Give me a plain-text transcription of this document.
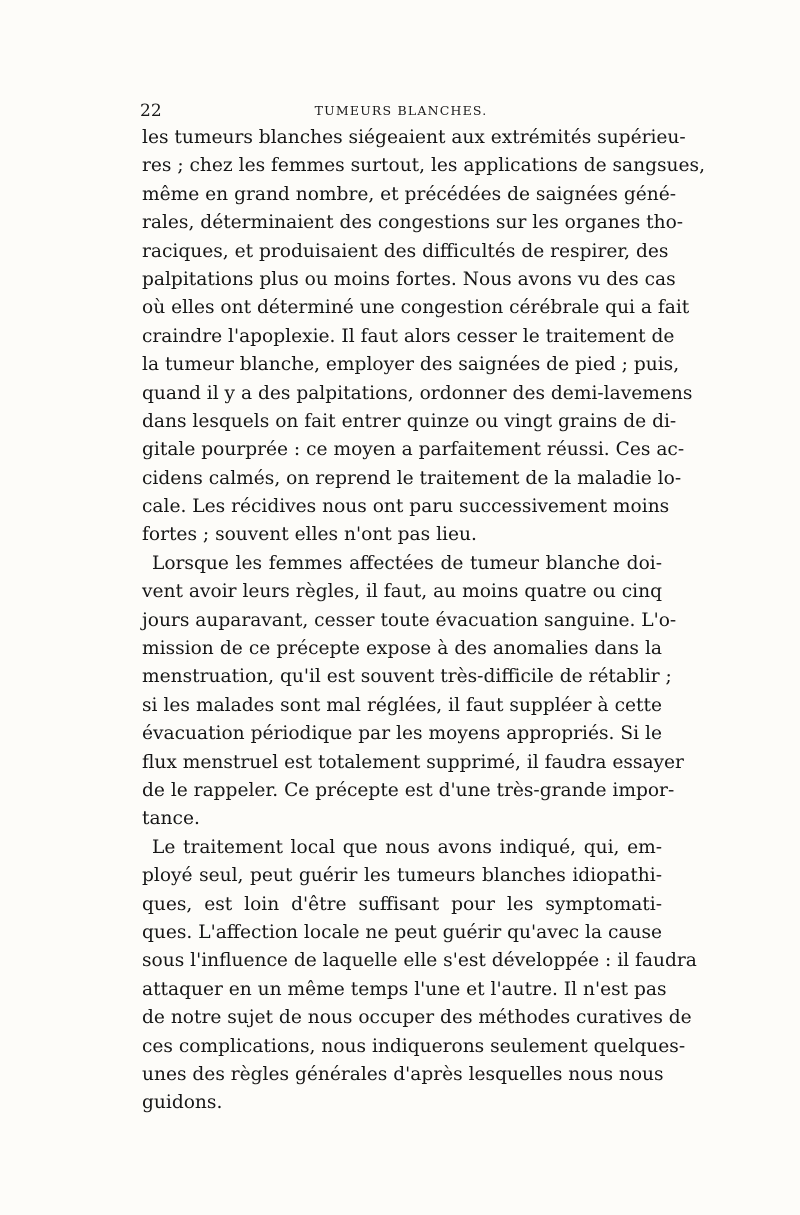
22	TUMEURS BLANCHES.
les tumeurs blanches siégeaient aux extrémités supérieu-
res ; chez les femmes surtout, les applications de sangsues,
même en grand nombre, et précédées de saignées géné-
rales, déterminaient des congestions sur les organes tho-
raciques, et produisaient des difficultés de respirer, des
palpitations plus ou moins fortes. Nous avons vu des cas
où elles ont déterminé une congestion cérébrale qui a fait
craindre l'apoplexie. Il faut alors cesser le traitement de
la tumeur blanche, employer des saignées de pied ; puis,
quand il y a des palpitations, ordonner des demi-lavemens
dans lesquels on fait entrer quinze ou vingt grains de di-
gitale pourprée : ce moyen a parfaitement réussi. Ces ac-
cidens calmés, on reprend le traitement de la maladie lo-
cale. Les récidives nous ont paru successivement moins
fortes ; souvent elles n'ont pas lieu.
Lorsque les femmes affectées de tumeur blanche doi-
vent avoir leurs règles, il faut, au moins quatre ou cinq
jours auparavant, cesser toute évacuation sanguine. L'o-
mission de ce précepte expose à des anomalies dans la
menstruation, qu'il est souvent très-difficile de rétablir ;
si les malades sont mal réglées, il faut suppléer à cette
évacuation périodique par les moyens appropriés. Si le
flux menstruel est totalement supprimé, il faudra essayer
de le rappeler. Ce précepte est d'une très-grande impor-
tance.
Le traitement local que nous avons indiqué, qui, em-
ployé seul, peut guérir les tumeurs blanches idiopathi-
ques, est loin d'être suffisant pour les symptomati-
ques. L'affection locale ne peut guérir qu'avec la cause
sous l'influence de laquelle elle s'est développée : il faudra
attaquer en un même temps l'une et l'autre. Il n'est pas
de notre sujet de nous occuper des méthodes curatives de
ces complications, nous indiquerons seulement quelques-
unes des règles générales d'après lesquelles nous nous
guidons.
